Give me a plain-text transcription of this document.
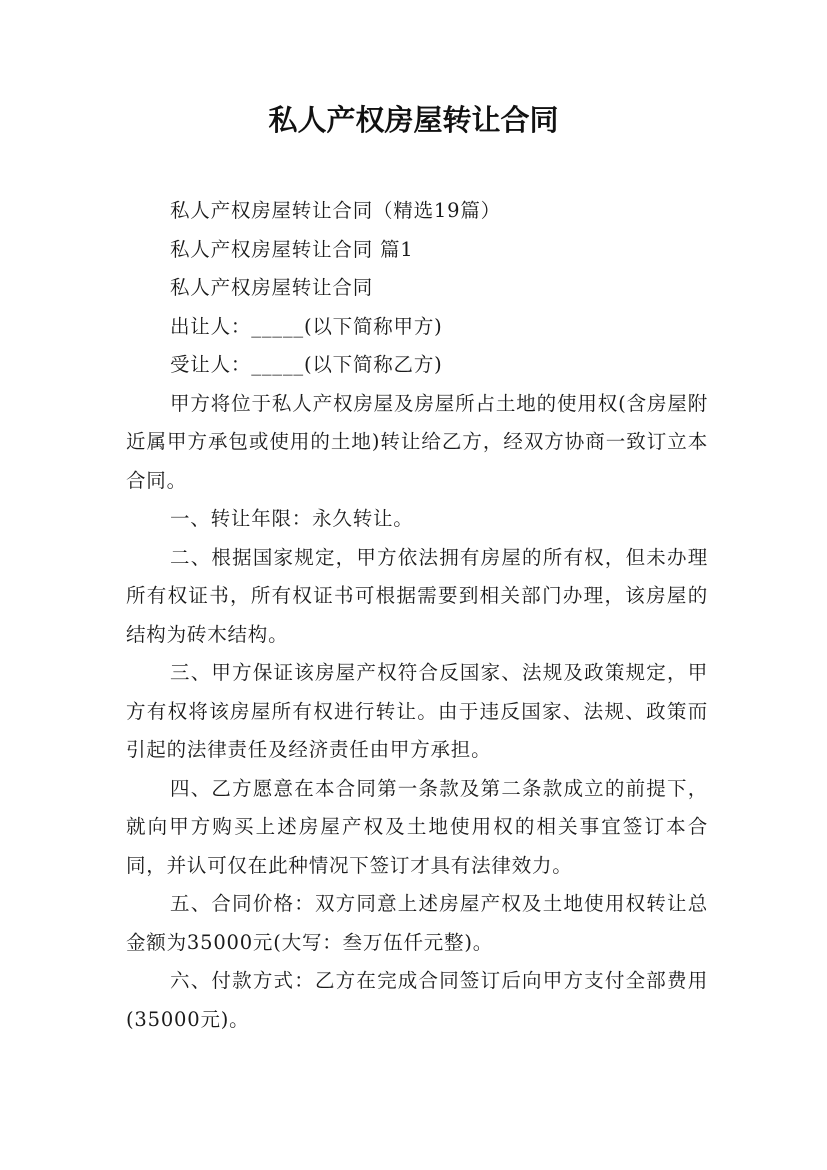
私人产权房屋转让合同

私人产权房屋转让合同（精选19篇）

私人产权房屋转让合同 篇1

私人产权房屋转让合同

出让人：_____(以下简称甲方)

受让人：_____(以下简称乙方)

甲方将位于私人产权房屋及房屋所占土地的使用权(含房屋附近属甲方承包或使用的土地)转让给乙方，经双方协商一致订立本合同。

一、转让年限：永久转让。

二、根据国家规定，甲方依法拥有房屋的所有权，但未办理所有权证书，所有权证书可根据需要到相关部门办理，该房屋的结构为砖木结构。

三、甲方保证该房屋产权符合反国家、法规及政策规定，甲方有权将该房屋所有权进行转让。由于违反国家、法规、政策而引起的法律责任及经济责任由甲方承担。

四、乙方愿意在本合同第一条款及第二条款成立的前提下，就向甲方购买上述房屋产权及土地使用权的相关事宜签订本合同，并认可仅在此种情况下签订才具有法律效力。

五、合同价格：双方同意上述房屋产权及土地使用权转让总金额为35000元(大写：叁万伍仟元整)。

六、付款方式：乙方在完成合同签订后向甲方支付全部费用(35000元)。
